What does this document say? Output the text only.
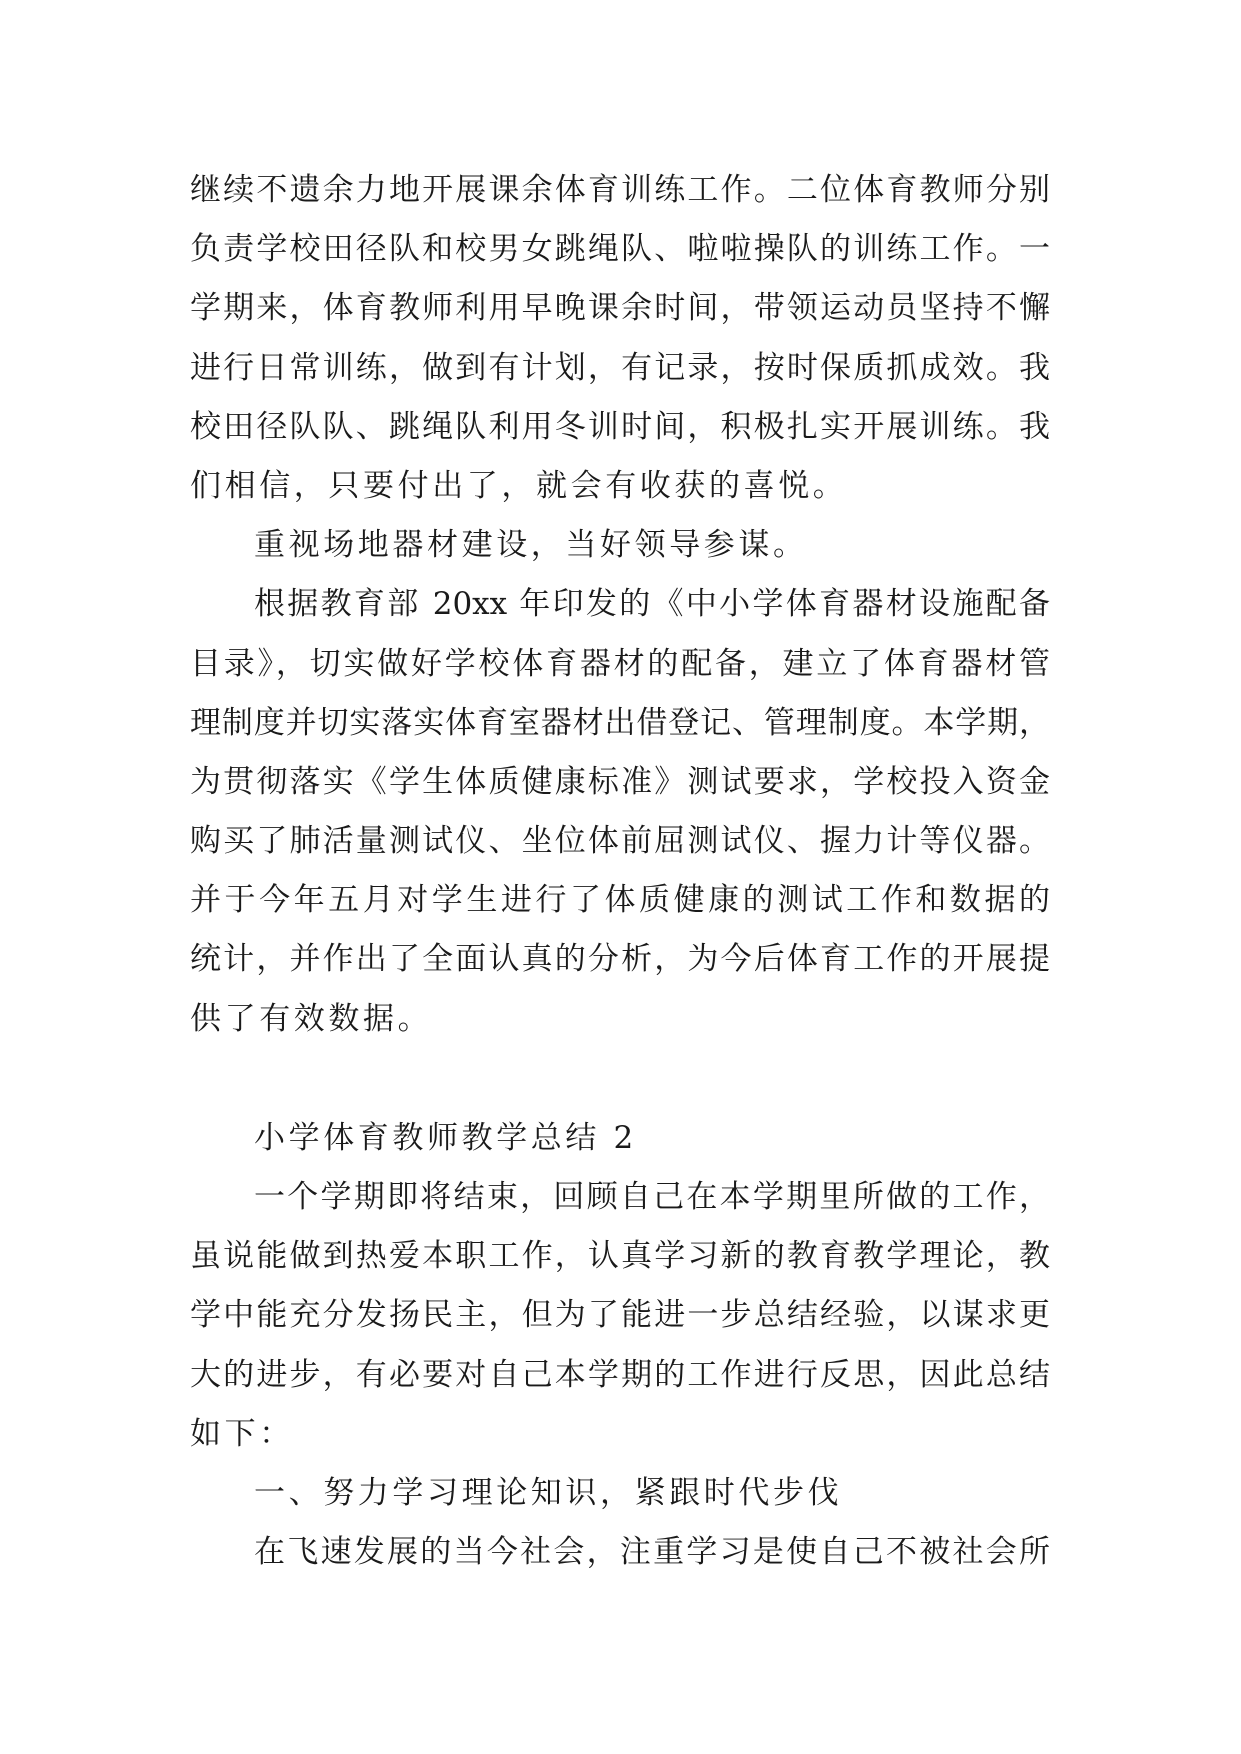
继续不遗余力地开展课余体育训练工作。二位体育教师分别
负责学校田径队和校男女跳绳队、啦啦操队的训练工作。一
学期来，体育教师利用早晚课余时间，带领运动员坚持不懈
进行日常训练，做到有计划，有记录，按时保质抓成效。我
校田径队队、跳绳队利用冬训时间，积极扎实开展训练。我
们相信，只要付出了，就会有收获的喜悦。
重视场地器材建设，当好领导参谋。
根据教育部 20xx 年印发的《中小学体育器材设施配备
目录》，切实做好学校体育器材的配备，建立了体育器材管
理制度并切实落实体育室器材出借登记、管理制度。本学期，
为贯彻落实《学生体质健康标准》测试要求，学校投入资金
购买了肺活量测试仪、坐位体前屈测试仪、握力计等仪器。
并于今年五月对学生进行了体质健康的测试工作和数据的
统计，并作出了全面认真的分析，为今后体育工作的开展提
供了有效数据。
小学体育教师教学总结 2
一个学期即将结束，回顾自己在本学期里所做的工作，
虽说能做到热爱本职工作，认真学习新的教育教学理论，教
学中能充分发扬民主，但为了能进一步总结经验，以谋求更
大的进步，有必要对自己本学期的工作进行反思，因此总结
如下：
一、努力学习理论知识，紧跟时代步伐
在飞速发展的当今社会，注重学习是使自己不被社会所
